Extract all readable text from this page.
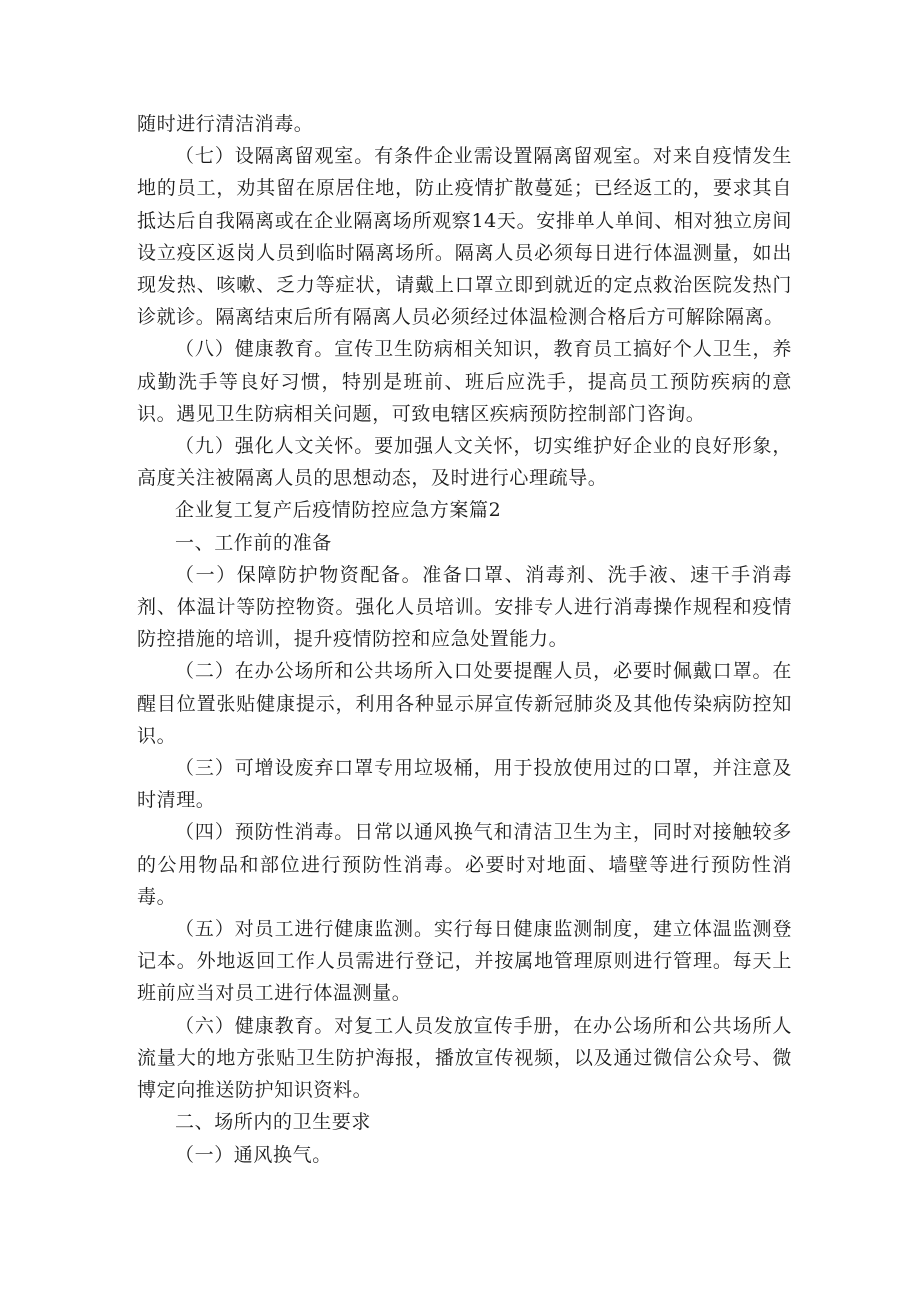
随时进行清洁消毒。

（七）设隔离留观室。有条件企业需设置隔离留观室。对来自疫情发生地的员工，劝其留在原居住地，防止疫情扩散蔓延；已经返工的，要求其自抵达后自我隔离或在企业隔离场所观察14天。安排单人单间、相对独立房间设立疫区返岗人员到临时隔离场所。隔离人员必须每日进行体温测量，如出现发热、咳嗽、乏力等症状，请戴上口罩立即到就近的定点救治医院发热门诊就诊。隔离结束后所有隔离人员必须经过体温检测合格后方可解除隔离。

（八）健康教育。宣传卫生防病相关知识，教育员工搞好个人卫生，养成勤洗手等良好习惯，特别是班前、班后应洗手，提高员工预防疾病的意识。遇见卫生防病相关问题，可致电辖区疾病预防控制部门咨询。

（九）强化人文关怀。要加强人文关怀，切实维护好企业的良好形象，高度关注被隔离人员的思想动态，及时进行心理疏导。

企业复工复产后疫情防控应急方案篇2

一、工作前的准备

（一）保障防护物资配备。准备口罩、消毒剂、洗手液、速干手消毒剂、体温计等防控物资。强化人员培训。安排专人进行消毒操作规程和疫情防控措施的培训，提升疫情防控和应急处置能力。

（二）在办公场所和公共场所入口处要提醒人员，必要时佩戴口罩。在醒目位置张贴健康提示，利用各种显示屏宣传新冠肺炎及其他传染病防控知识。

（三）可增设废弃口罩专用垃圾桶，用于投放使用过的口罩，并注意及时清理。

（四）预防性消毒。日常以通风换气和清洁卫生为主，同时对接触较多的公用物品和部位进行预防性消毒。必要时对地面、墙壁等进行预防性消毒。

（五）对员工进行健康监测。实行每日健康监测制度，建立体温监测登记本。外地返回工作人员需进行登记，并按属地管理原则进行管理。每天上班前应当对员工进行体温测量。

（六）健康教育。对复工人员发放宣传手册，在办公场所和公共场所人流量大的地方张贴卫生防护海报，播放宣传视频，以及通过微信公众号、微博定向推送防护知识资料。

二、场所内的卫生要求

（一）通风换气。
